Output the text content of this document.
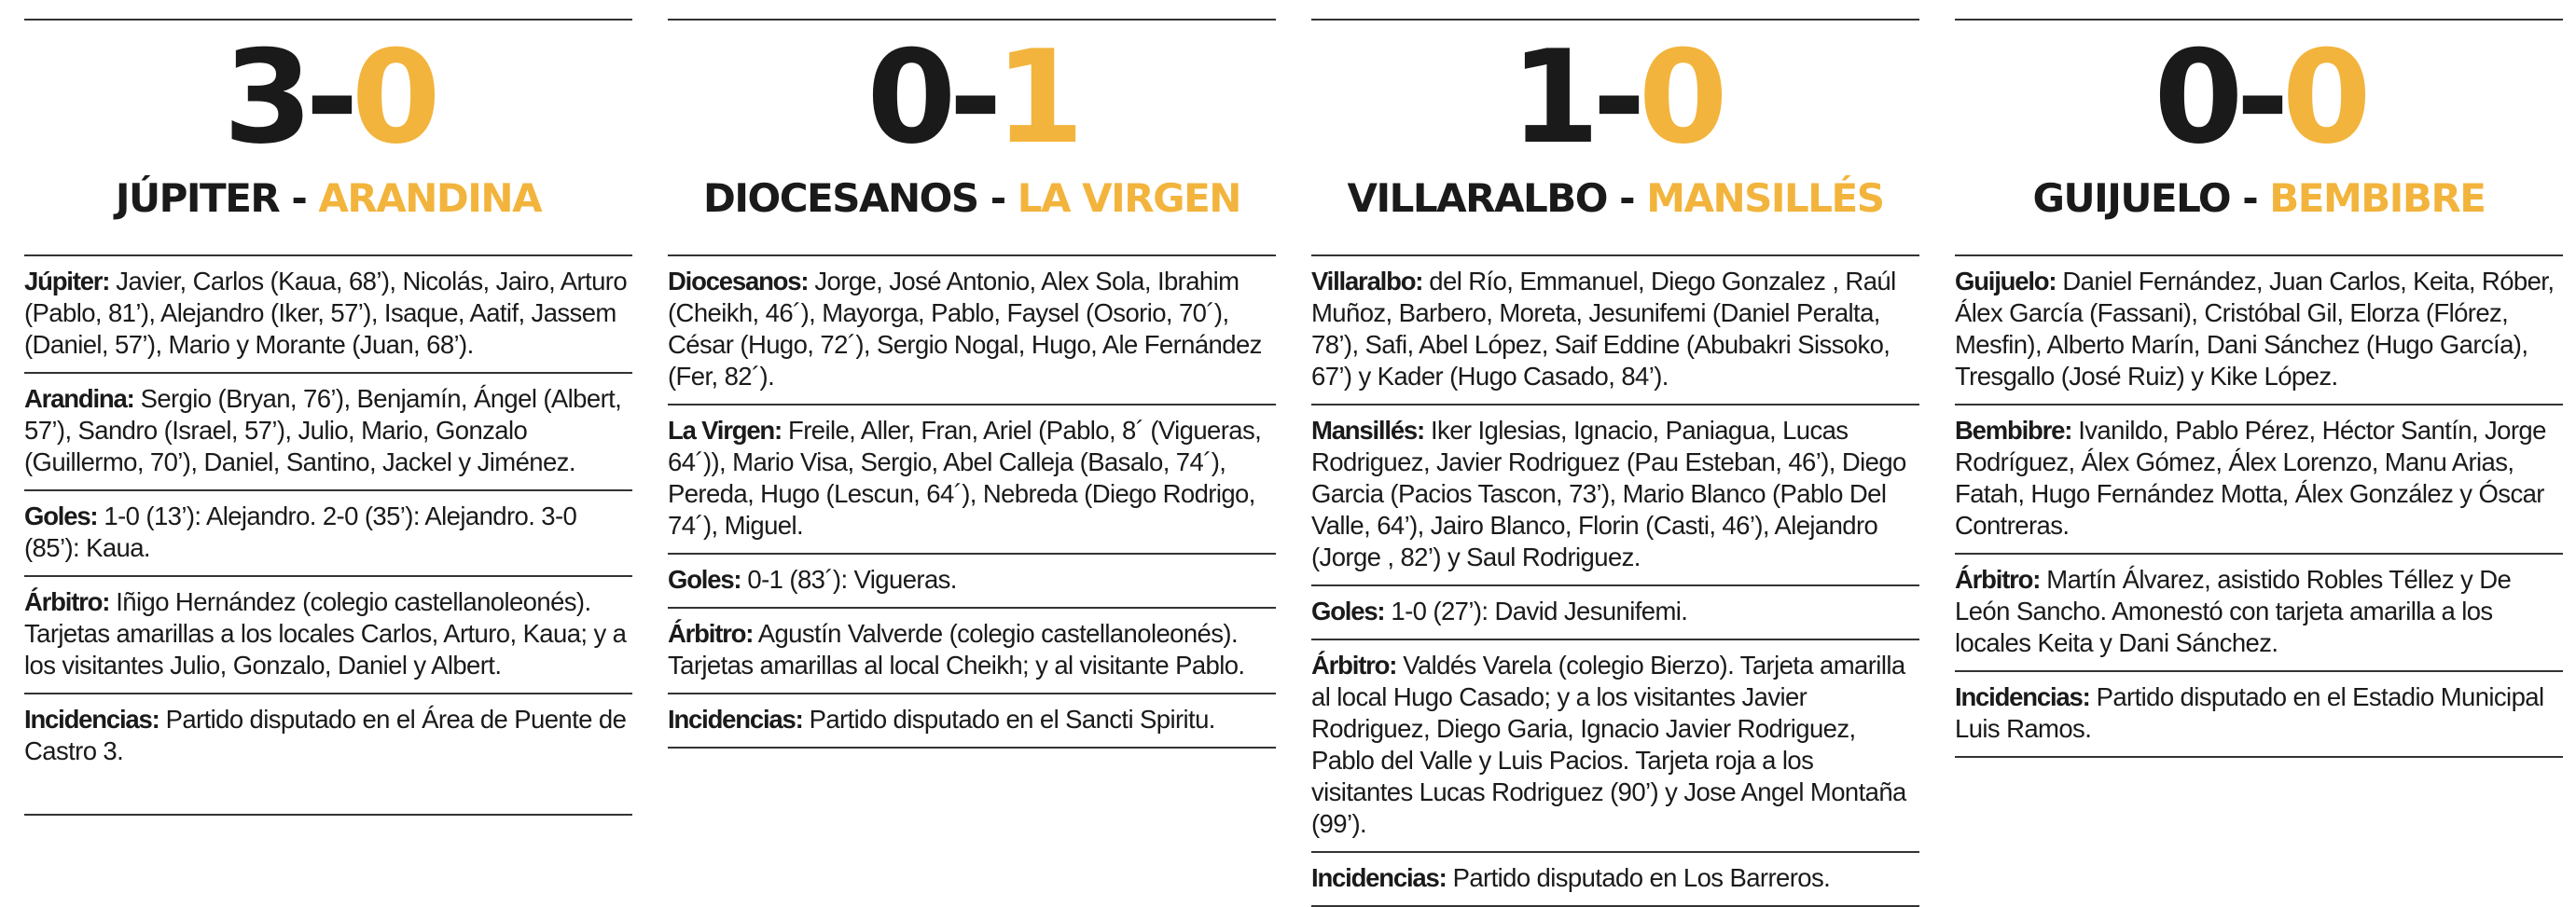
3-0
JÚPITER - ARANDINA
Júpiter: Javier, Carlos (Kaua, 68’), Nicolás, Jairo, Arturo (Pablo, 81’), Alejandro (Iker, 57’), Isaque, Aatif, Jassem (Daniel, 57’), Mario y Morante (Juan, 68’).
Arandina: Sergio (Bryan, 76’), Benjamín, Ángel (Albert, 57’), Sandro (Israel, 57’), Julio, Mario, Gonzalo (Guillermo, 70’), Daniel, Santino, Jackel y Jiménez.
Goles: 1-0 (13’): Alejandro. 2-0 (35’): Alejandro. 3-0 (85’): Kaua.
Árbitro: Iñigo Hernández (colegio castellanoleonés). Tarjetas amarillas a los locales Carlos, Arturo, Kaua; y a los visitantes Julio, Gonzalo, Daniel y Albert.
Incidencias: Partido disputado en el Área de Puente de Castro 3.
0-1
DIOCESANOS - LA VIRGEN
Diocesanos: Jorge, José Antonio, Alex Sola, Ibrahim (Cheikh, 46´), Mayorga, Pablo, Faysel (Osorio, 70´), César (Hugo, 72´), Sergio Nogal, Hugo, Ale Fernández (Fer, 82´).
La Virgen: Freile, Aller, Fran, Ariel (Pablo, 8´ (Vigueras, 64´)), Mario Visa, Sergio, Abel Calleja (Basalo, 74´), Pereda, Hugo (Lescun, 64´), Nebreda (Diego Rodrigo, 74´), Miguel.
Goles: 0-1 (83´): Vigueras.
Árbitro: Agustín Valverde (colegio castellanoleonés). Tarjetas amarillas al local Cheikh; y al visitante Pablo.
Incidencias: Partido disputado en el Sancti Spiritu.
1-0
VILLARALBO - MANSILLÉS
Villaralbo: del Río, Emmanuel, Diego Gonzalez , Raúl Muñoz, Barbero, Moreta, Jesunifemi (Daniel Peralta, 78’), Safi, Abel López, Saif Eddine (Abubakri Sissoko, 67’) y Kader (Hugo Casado, 84’).
Mansillés: Iker Iglesias, Ignacio, Paniagua, Lucas Rodriguez, Javier Rodriguez (Pau Esteban, 46’), Diego Garcia (Pacios Tascon, 73’), Mario Blanco (Pablo Del Valle, 64’), Jairo Blanco, Florin (Casti, 46’), Alejandro (Jorge , 82’) y Saul Rodriguez.
Goles: 1-0 (27’): David Jesunifemi.
Árbitro: Valdés Varela (colegio Bierzo). Tarjeta amarilla al local Hugo Casado; y a los visitantes Javier Rodriguez, Diego Garia, Ignacio Javier Rodriguez, Pablo del Valle y Luis Pacios. Tarjeta roja a los visitantes Lucas Rodriguez (90’) y Jose Angel Montaña (99’).
Incidencias: Partido disputado en Los Barreros.
0-0
GUIJUELO - BEMBIBRE
Guijuelo: Daniel Fernández, Juan Carlos, Keita, Róber, Álex García (Fassani), Cristóbal Gil, Elorza (Flórez, Mesfin), Alberto Marín, Dani Sánchez (Hugo García), Tresgallo (José Ruiz) y Kike López.
Bembibre: Ivanildo, Pablo Pérez, Héctor Santín, Jorge Rodríguez, Álex Gómez, Álex Lorenzo, Manu Arias, Fatah, Hugo Fernández Motta, Álex González y Óscar Contreras.
Árbitro: Martín Álvarez, asistido Robles Téllez y De León Sancho. Amonestó con tarjeta amarilla a los locales Keita y Dani Sánchez.
Incidencias: Partido disputado en el Estadio Municipal Luis Ramos.
